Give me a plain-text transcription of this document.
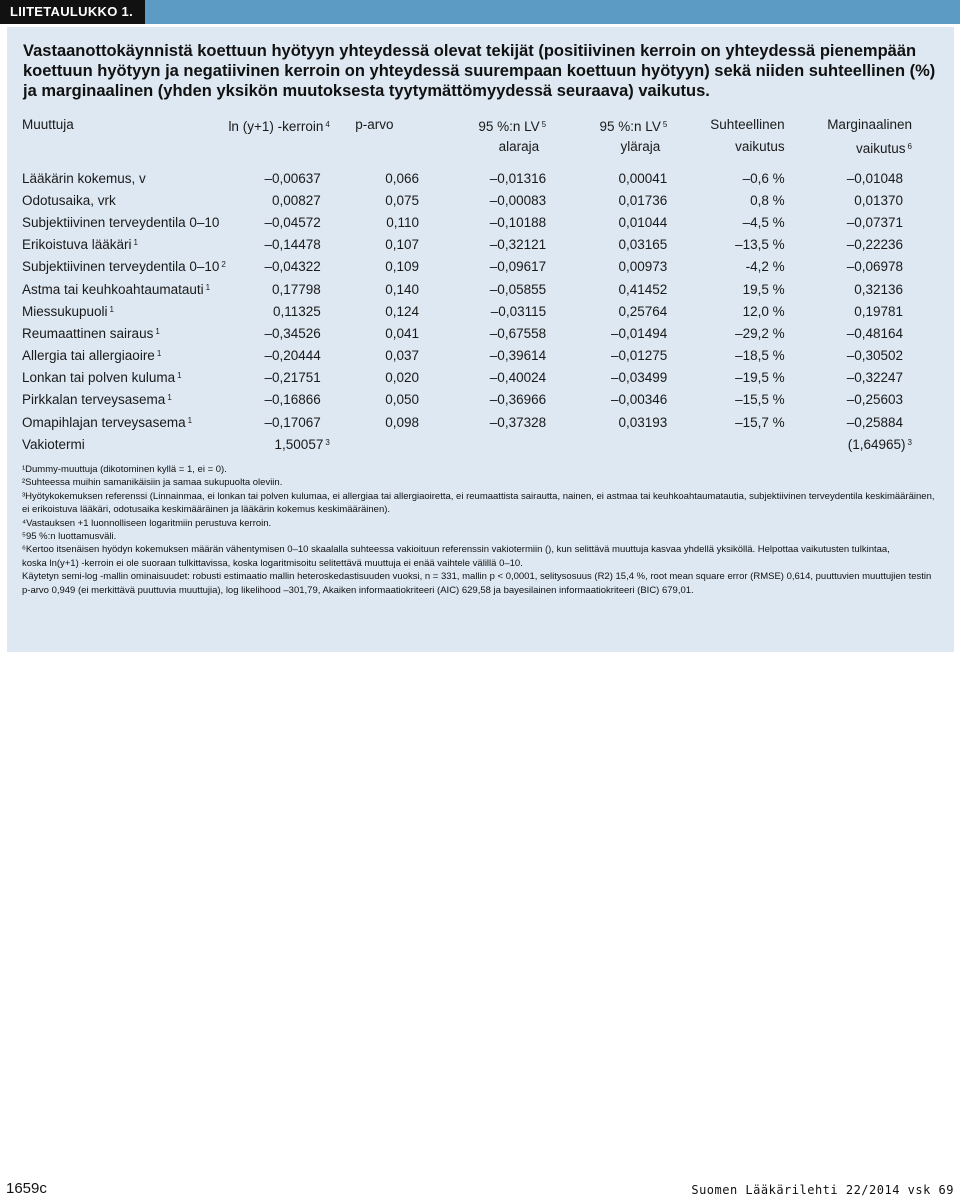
LIITETAULUKKO 1.
Vastaanottokäynnistä koettuun hyötyyn yhteydessä olevat tekijät (positiivinen kerroin on yhteydessä pienempään koettuun hyötyyn ja negatiivinen kerroin on yhteydessä suurempaan koettuun hyötyyn) sekä niiden suhteellinen (%) ja marginaalinen (yhden yksikön muutoksesta tyytymättömyydessä seuraava) vaikutus.
Muuttuja	ln (y+1) -kerroin $^4$	p-arvo	95 %:n LV $^5$	95 %:n LV $^5$	Suhteellinen	Marginaalinen
			alaraja	yläraja	vaikutus	vaikutus $^6$
Lääkärin kokemus, v	–0,00637	0,066	–0,01316	0,00041	–0,6 %	–0,01048
Odotusaika, vrk	0,00827	0,075	–0,00083	0,01736	0,8 %	0,01370
Subjektiivinen terveydentila 0–10	–0,04572	0,110	–0,10188	0,01044	–4,5 %	–0,07371
Erikoistuva lääkäri $^1$	–0,14478	0,107	–0,32121	0,03165	–13,5 %	–0,22236
Subjektiivinen terveydentila 0–10 $^2$	–0,04322	0,109	–0,09617	0,00973	-4,2 %	–0,06978
Astma tai keuhkoahtaumatauti $^1$	0,17798	0,140	–0,05855	0,41452	19,5 %	0,32136
Miessukupuoli $^1$	0,11325	0,124	–0,03115	0,25764	12,0 %	0,19781
Reumaattinen sairaus $^1$	–0,34526	0,041	–0,67558	–0,01494	–29,2 %	–0,48164
Allergia tai allergiaoire $^1$	–0,20444	0,037	–0,39614	–0,01275	–18,5 %	–0,30502
Lonkan tai polven kuluma $^1$	–0,21751	0,020	–0,40024	–0,03499	–19,5 %	–0,32247
Pirkkalan terveysasema $^1$	–0,16866	0,050	–0,36966	–0,00346	–15,5 %	–0,25603
Omapihlajan terveysasema $^1$	–0,17067	0,098	–0,37328	0,03193	–15,7 %	–0,25884
Vakiotermi	1,50057 $^3$					(1,64965) $^3$
¹Dummy-muuttuja (dikotominen kyllä = 1, ei = 0).
²Suhteessa muihin samanikäisiin ja samaa sukupuolta oleviin.
³Hyötykokemuksen referenssi (Linnainmaa, ei lonkan tai polven kulumaa, ei allergiaa tai allergiaoiretta, ei reumaattista sairautta, nainen, ei astmaa tai keuhkoahtaumatautia, subjektiivinen terveydentila keskimääräinen,
ei erikoistuva lääkäri, odotusaika keskimääräinen ja lääkärin kokemus keskimääräinen).
⁴Vastauksen +1 luonnolliseen logaritmiin perustuva kerroin.
⁵95 %:n luottamusväli.
⁶Kertoo itsenäisen hyödyn kokemuksen määrän vähentymisen 0–10 skaalalla suhteessa vakioituun referenssin vakiotermiin (), kun selittävä muuttuja kasvaa yhdellä yksiköllä. Helpottaa vaikutusten tulkintaa,
koska ln(y+1) -kerroin ei ole suoraan tulkittavissa, koska logaritmisoitu selitettävä muuttuja ei enää vaihtele välillä 0–10.
Käytetyn semi-log -mallin ominaisuudet: robusti estimaatio mallin heteroskedastisuuden vuoksi, n = 331, mallin p < 0,0001, selitysosuus (R2) 15,4 %, root mean square error (RMSE) 0,614, puuttuvien muuttujien testin
p-arvo 0,949 (ei merkittävä puuttuvia muuttujia), log likelihood –301,79, Akaiken informaatiokriteeri (AIC) 629,58 ja bayesilainen informaatiokriteeri (BIC) 679,01.
1659c	Suomen Lääkärilehti 22/2014 vsk 69
